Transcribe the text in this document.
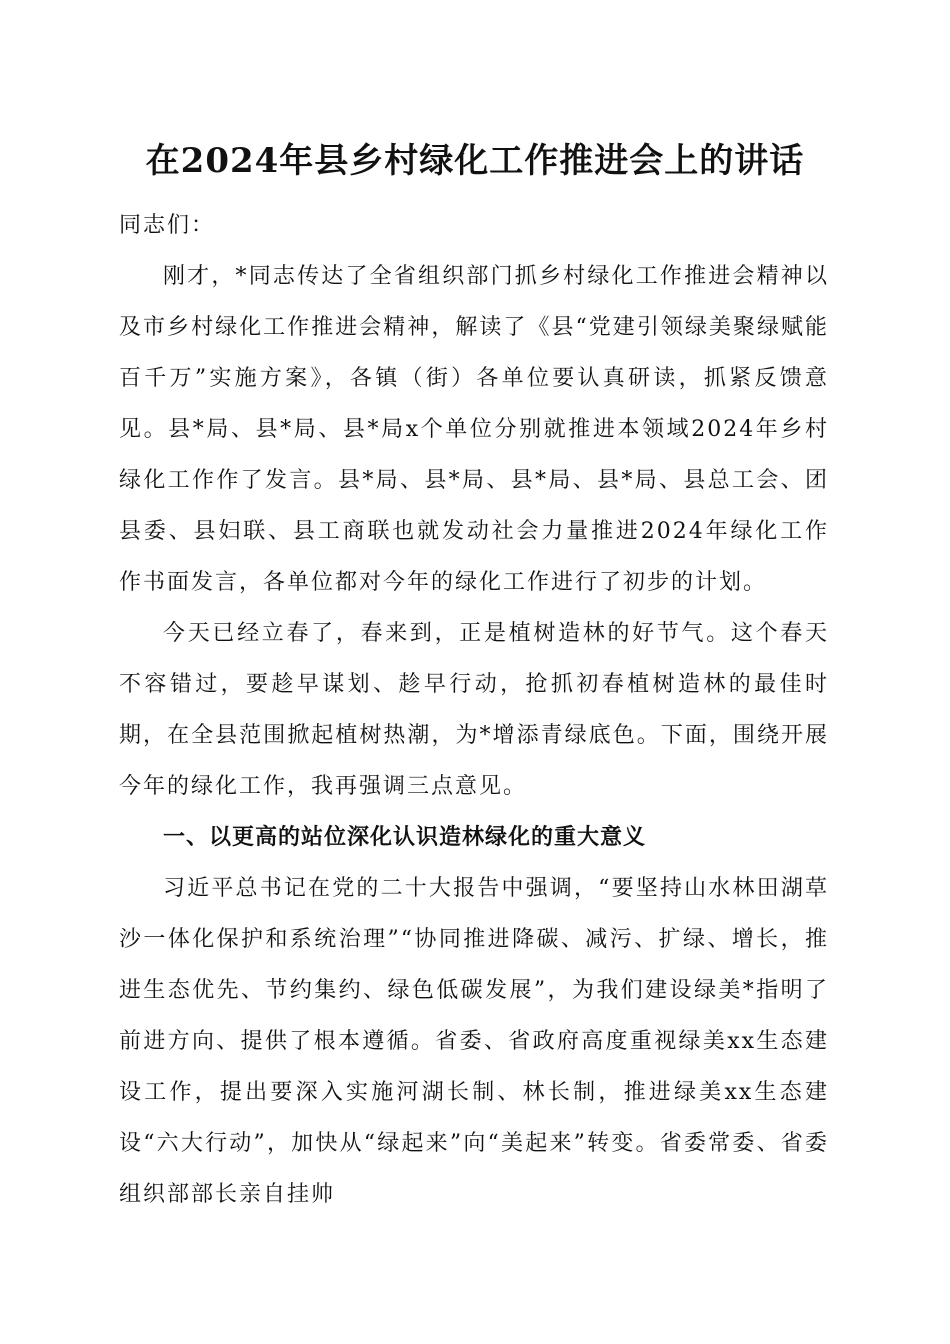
在2024年县乡村绿化工作推进会上的讲话

同志们：

刚才，*同志传达了全省组织部门抓乡村绿化工作推进会精神以及市乡村绿化工作推进会精神，解读了《县“党建引领绿美聚绿赋能百千万”实施方案》，各镇（街）各单位要认真研读，抓紧反馈意见。县*局、县*局、县*局x个单位分别就推进本领域2024年乡村绿化工作作了发言。县*局、县*局、县*局、县*局、县总工会、团县委、县妇联、县工商联也就发动社会力量推进2024年绿化工作作书面发言，各单位都对今年的绿化工作进行了初步的计划。

今天已经立春了，春来到，正是植树造林的好节气。这个春天不容错过，要趁早谋划、趁早行动，抢抓初春植树造林的最佳时期，在全县范围掀起植树热潮，为*增添青绿底色。下面，围绕开展今年的绿化工作，我再强调三点意见。

一、以更高的站位深化认识造林绿化的重大意义

习近平总书记在党的二十大报告中强调，“要坚持山水林田湖草沙一体化保护和系统治理”“协同推进降碳、减污、扩绿、增长，推进生态优先、节约集约、绿色低碳发展”，为我们建设绿美*指明了前进方向、提供了根本遵循。省委、省政府高度重视绿美xx生态建设工作，提出要深入实施河湖长制、林长制，推进绿美xx生态建设“六大行动”，加快从“绿起来”向“美起来”转变。省委常委、省委组织部部长亲自挂帅
